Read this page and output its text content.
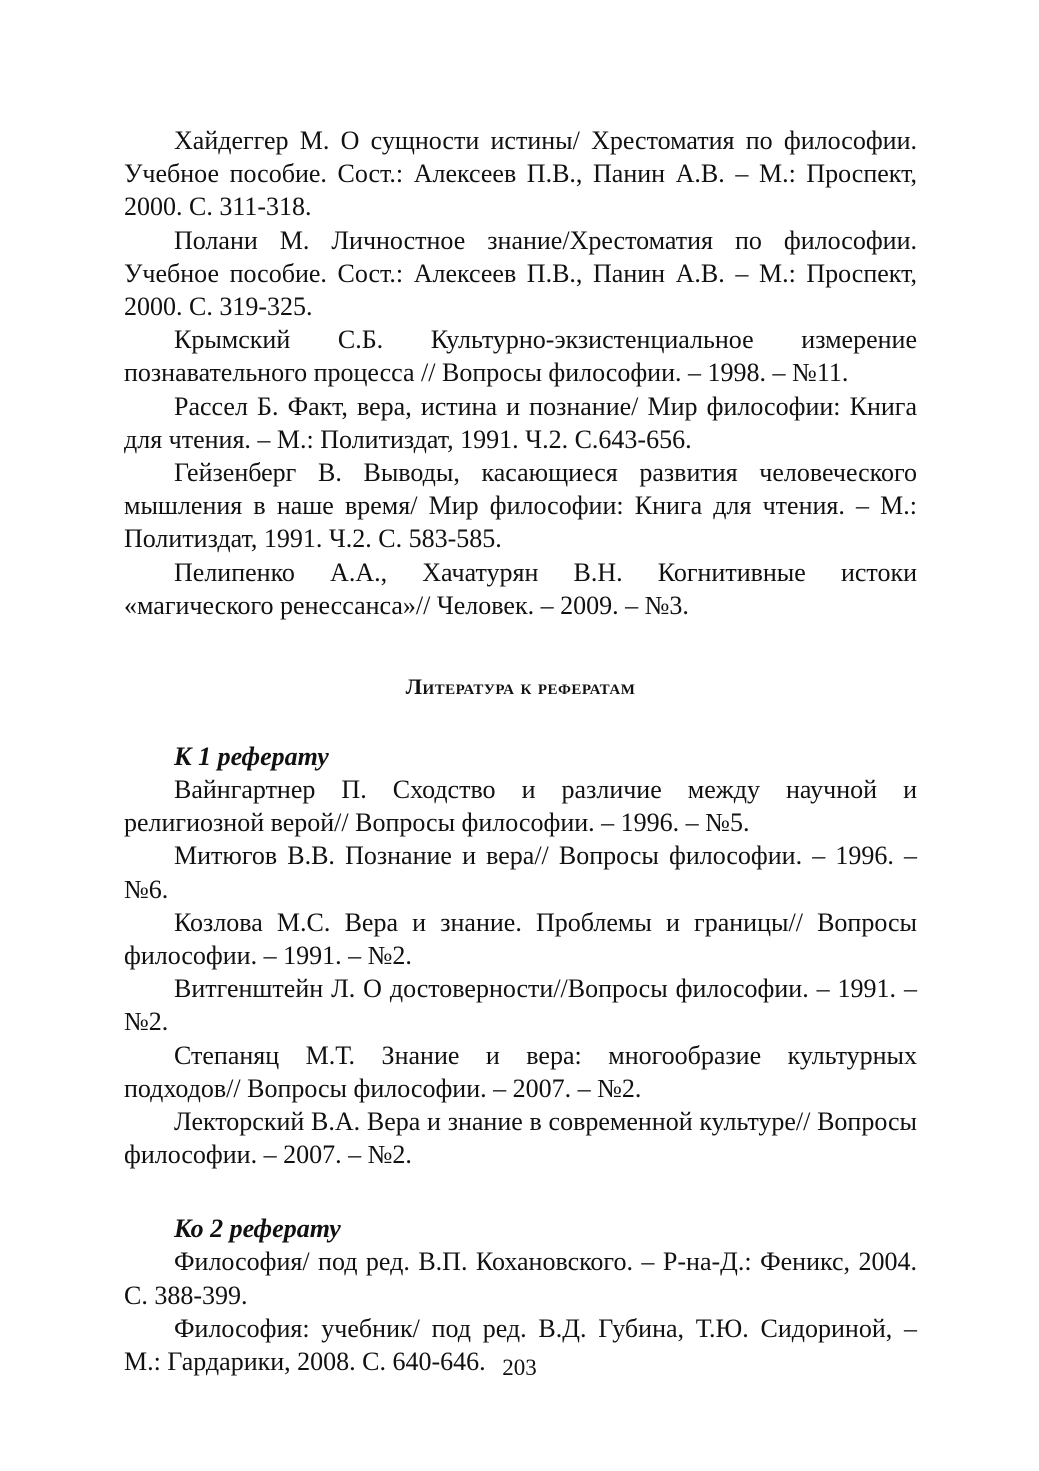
Хайдеггер М. О сущности истины/ Хрестоматия по философии. Учебное пособие. Сост.: Алексеев П.В., Панин А.В. – М.: Проспект, 2000. С. 311-318.

Полани М. Личностное знание/Хрестоматия по философии. Учебное пособие. Сост.: Алексеев П.В., Панин А.В. – М.: Проспект, 2000. С. 319-325.

Крымский С.Б. Культурно-экзистенциальное измерение познавательного процесса // Вопросы философии. – 1998. – №11.

Рассел Б. Факт, вера, истина и познание/ Мир философии: Книга для чтения. – М.: Политиздат, 1991. Ч.2. С.643-656.

Гейзенберг В. Выводы, касающиеся развития человеческого мышления в наше время/ Мир философии: Книга для чтения. – М.: Политиздат, 1991. Ч.2. С. 583-585.

Пелипенко А.А., Хачатурян В.Н. Когнитивные истоки «магического ренессанса»// Человек. – 2009. – №3.

Литература к рефератам

К 1 реферату

Вайнгартнер П. Сходство и различие между научной и религиозной верой// Вопросы философии. – 1996. – №5.

Митюгов В.В. Познание и вера// Вопросы философии. – 1996. – №6.

Козлова М.С. Вера и знание. Проблемы и границы// Вопросы философии. – 1991. – №2.

Витгенштейн Л. О достоверности//Вопросы философии. – 1991. – №2.

Степаняц М.Т. Знание и вера: многообразие культурных подходов// Вопросы философии. – 2007. – №2.

Лекторский В.А. Вера и знание в современной культуре// Вопросы философии. – 2007. – №2.

Ко 2 реферату

Философия/ под ред. В.П. Кохановского. – Р-на-Д.: Феникс, 2004. С. 388-399.

Философия: учебник/ под ред. В.Д. Губина, Т.Ю. Сидориной, – М.: Гардарики, 2008. С. 640-646. 203
